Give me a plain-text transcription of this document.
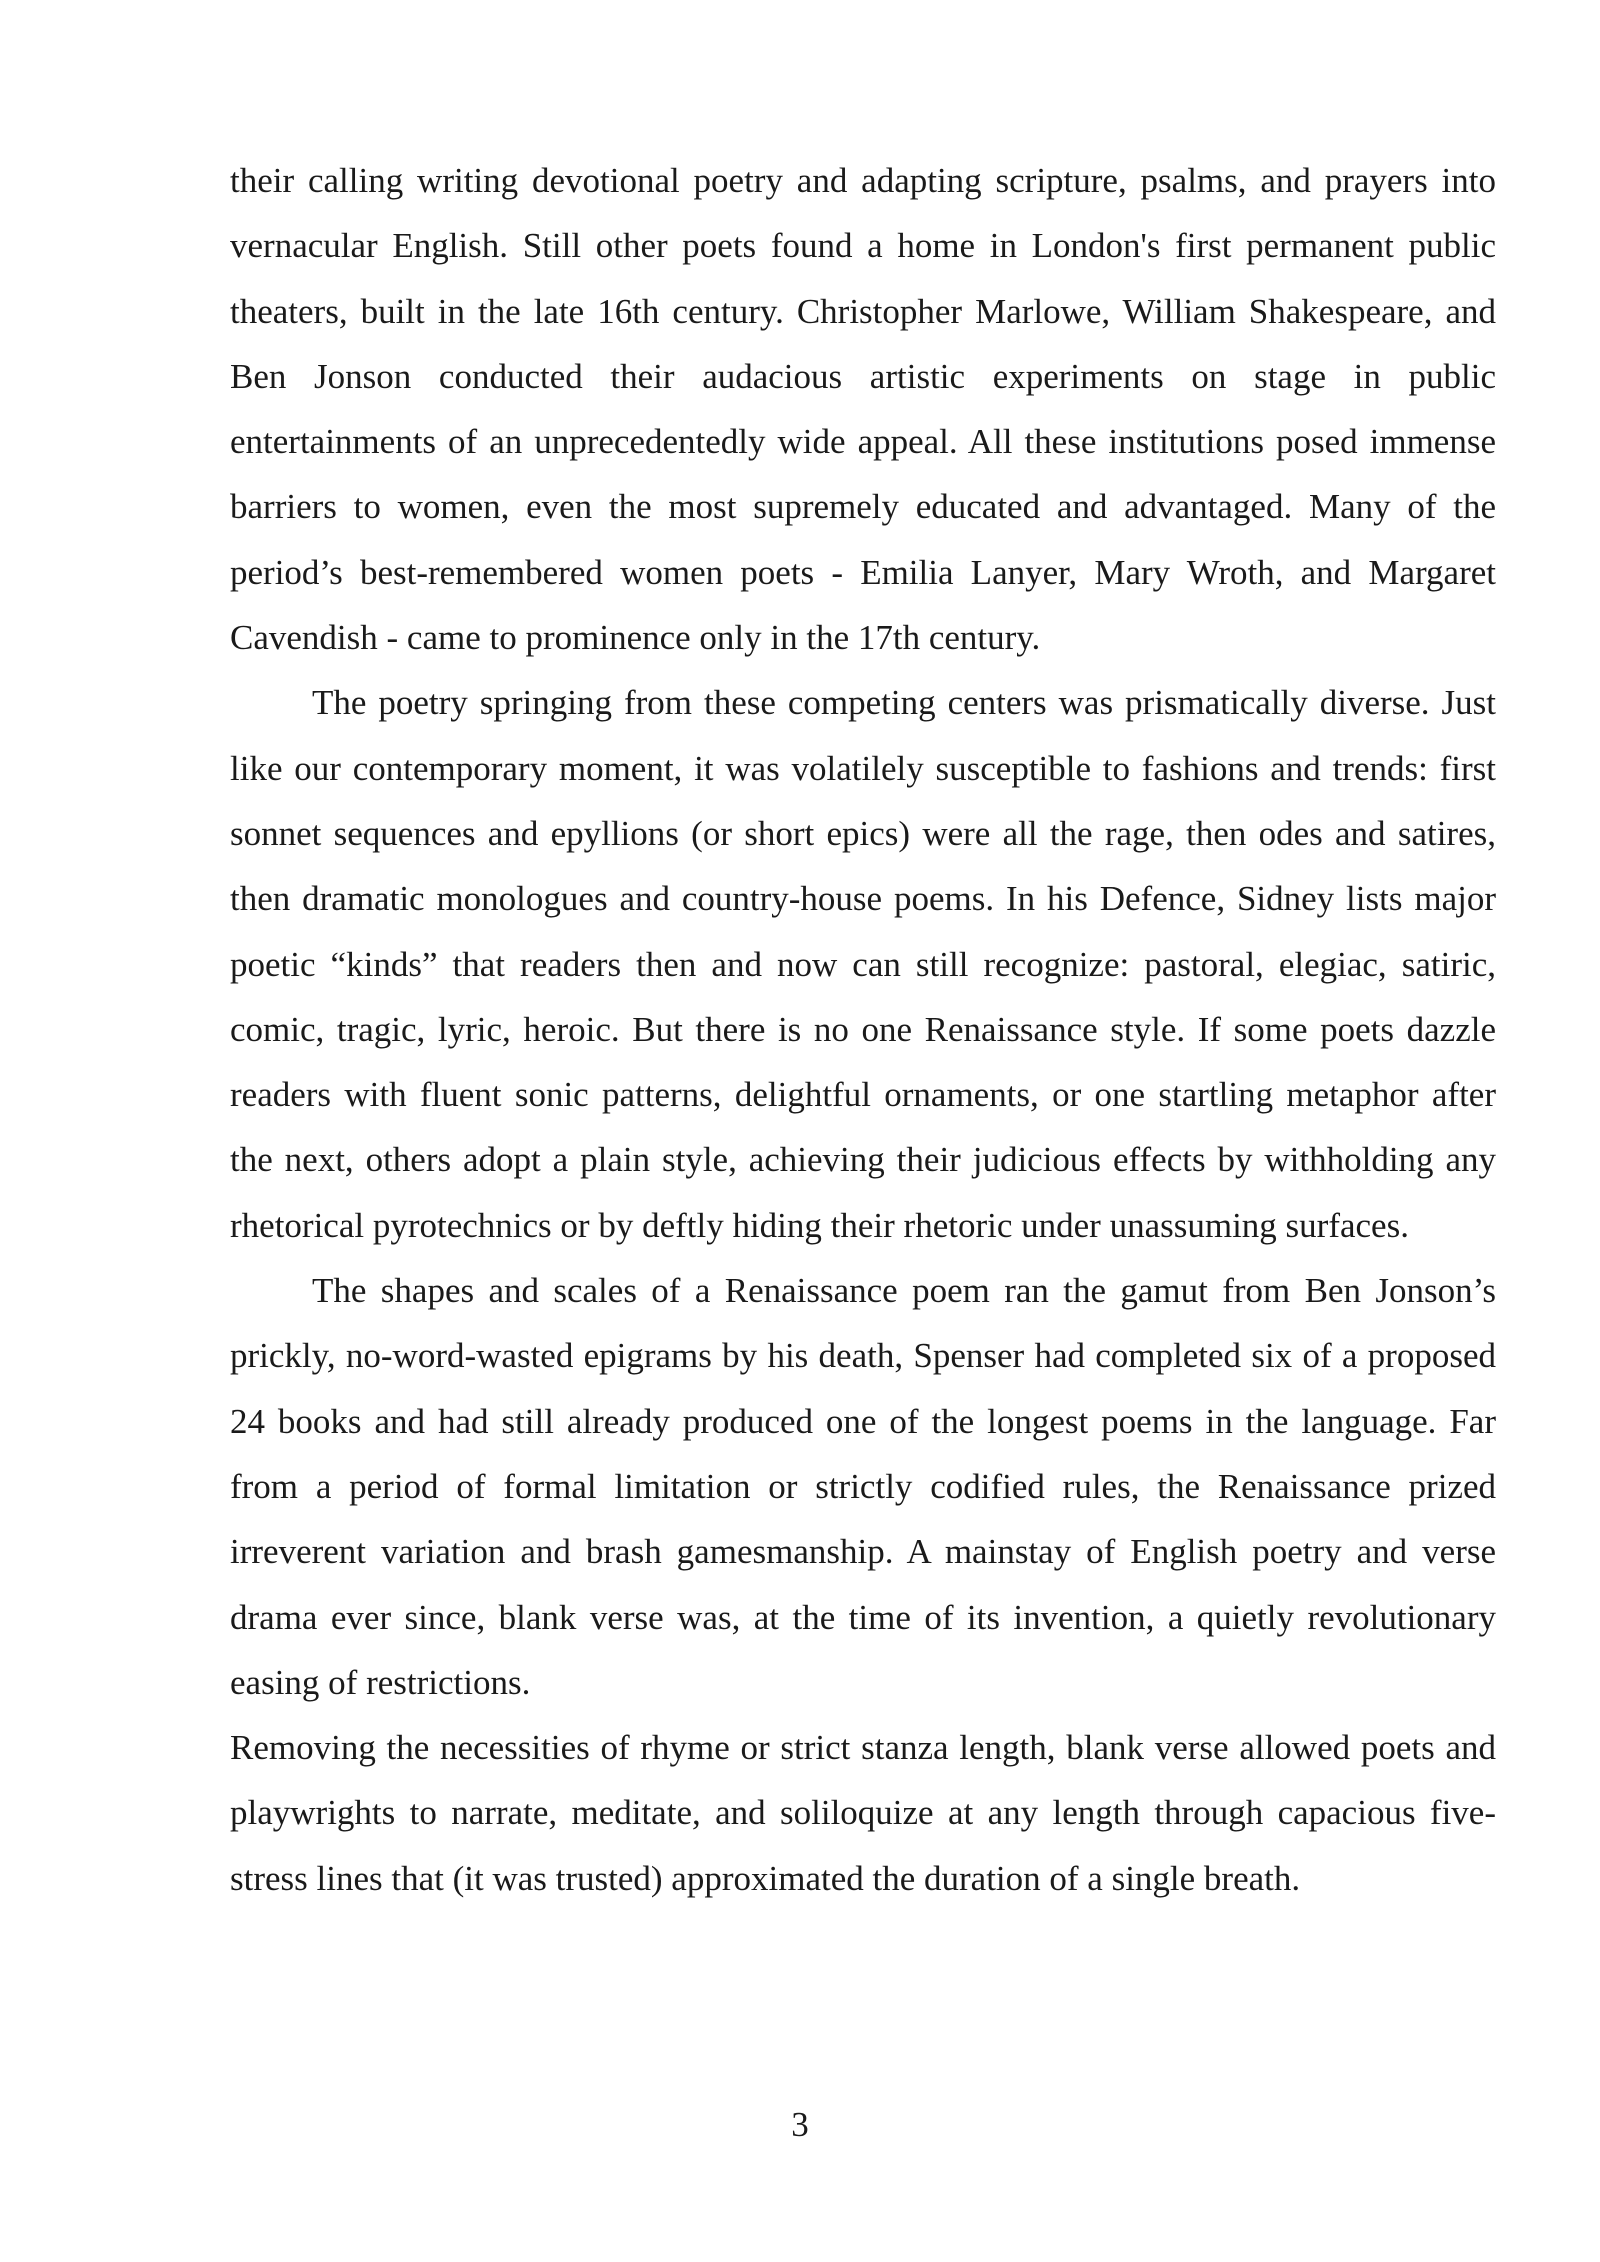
their calling writing devotional poetry and adapting scripture, psalms, and prayers into vernacular English. Still other poets found a home in London's first permanent public theaters, built in the late 16th century. Christopher Marlowe, William Shakespeare, and Ben Jonson conducted their audacious artistic experiments on stage in public entertainments of an unprecedentedly wide appeal. All these institutions posed immense barriers to women, even the most supremely educated and advantaged. Many of the period’s best-remembered women poets - Emilia Lanyer, Mary Wroth, and Margaret Cavendish - came to prominence only in the 17th century.

The poetry springing from these competing centers was prismatically diverse. Just like our contemporary moment, it was volatilely susceptible to fashions and trends: first sonnet sequences and epyllions (or short epics) were all the rage, then odes and satires, then dramatic monologues and country-house poems. In his Defence, Sidney lists major poetic “kinds” that readers then and now can still recognize: pastoral, elegiac, satiric, comic, tragic, lyric, heroic. But there is no one Renaissance style. If some poets dazzle readers with fluent sonic patterns, delightful ornaments, or one startling metaphor after the next, others adopt a plain style, achieving their judicious effects by withholding any rhetorical pyrotechnics or by deftly hiding their rhetoric under unassuming surfaces.

The shapes and scales of a Renaissance poem ran the gamut from Ben Jonson’s prickly, no-word-wasted epigrams by his death, Spenser had completed six of a proposed 24 books and had still already produced one of the longest poems in the language. Far from a period of formal limitation or strictly codified rules, the Renaissance prized irreverent variation and brash gamesmanship. A mainstay of English poetry and verse drama ever since, blank verse was, at the time of its invention, a quietly revolutionary easing of restrictions.

Removing the necessities of rhyme or strict stanza length, blank verse allowed poets and playwrights to narrate, meditate, and soliloquize at any length through capacious five-stress lines that (it was trusted) approximated the duration of a single breath.

3
